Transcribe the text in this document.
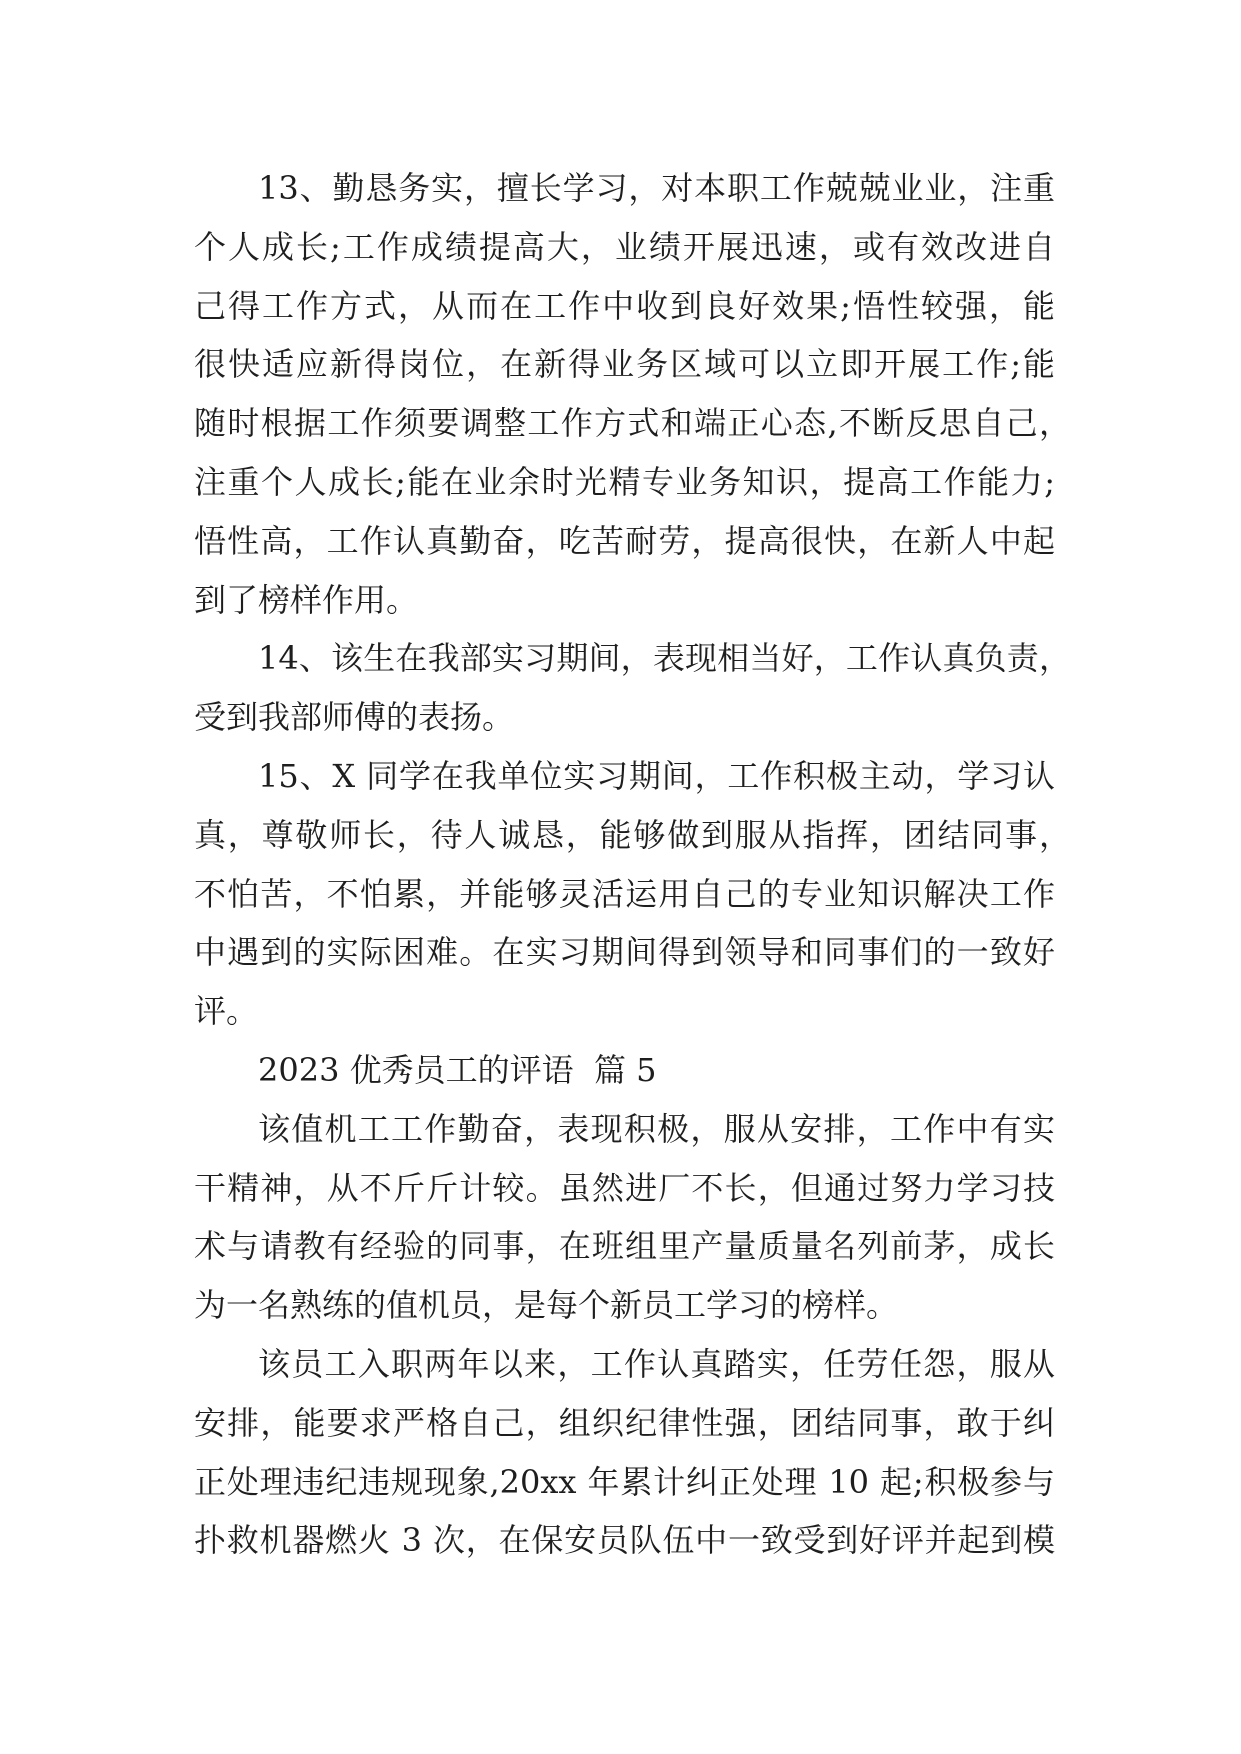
13、勤恳务实，擅长学习，对本职工作兢兢业业，注重
个人成长;工作成绩提高大，业绩开展迅速，或有效改进自
己得工作方式，从而在工作中收到良好效果;悟性较强，能
很快适应新得岗位，在新得业务区域可以立即开展工作;能
随时根据工作须要调整工作方式和端正心态,不断反思自己，
注重个人成长;能在业余时光精专业务知识，提高工作能力;
悟性高，工作认真勤奋，吃苦耐劳，提高很快，在新人中起
到了榜样作用。
14、该生在我部实习期间，表现相当好，工作认真负责，
受到我部师傅的表扬。
15、X 同学在我单位实习期间，工作积极主动，学习认
真，尊敬师长，待人诚恳，能够做到服从指挥，团结同事，
不怕苦，不怕累，并能够灵活运用自己的专业知识解决工作
中遇到的实际困难。在实习期间得到领导和同事们的一致好
评。
2023 优秀员工的评语  篇 5
该值机工工作勤奋，表现积极，服从安排，工作中有实
干精神，从不斤斤计较。虽然进厂不长，但通过努力学习技
术与请教有经验的同事，在班组里产量质量名列前茅，成长
为一名熟练的值机员，是每个新员工学习的榜样。
该员工入职两年以来，工作认真踏实，任劳任怨，服从
安排，能要求严格自己，组织纪律性强，团结同事，敢于纠
正处理违纪违规现象,20xx 年累计纠正处理 10 起;积极参与
扑救机器燃火 3 次，在保安员队伍中一致受到好评并起到模
